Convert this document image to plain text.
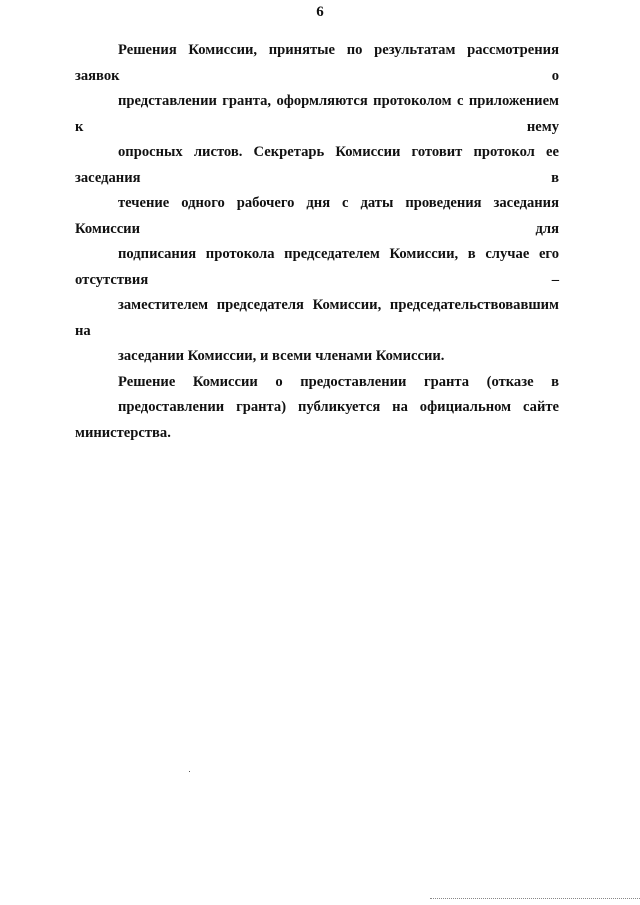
6
Решения Комиссии, принятые по результатам рассмотрения заявок о
представлении гранта, оформляются протоколом с приложением к нему
опросных листов. Секретарь Комиссии готовит протокол ее заседания в
течение одного рабочего дня с даты проведения заседания Комиссии для
подписания протокола председателем Комиссии, в случае его отсутствия –
заместителем председателя Комиссии, председательствовавшим на
заседании Комиссии, и всеми членами Комиссии.
Решение Комиссии о предоставлении гранта (отказе в
предоставлении гранта) публикуется на официальном сайте министерства.
